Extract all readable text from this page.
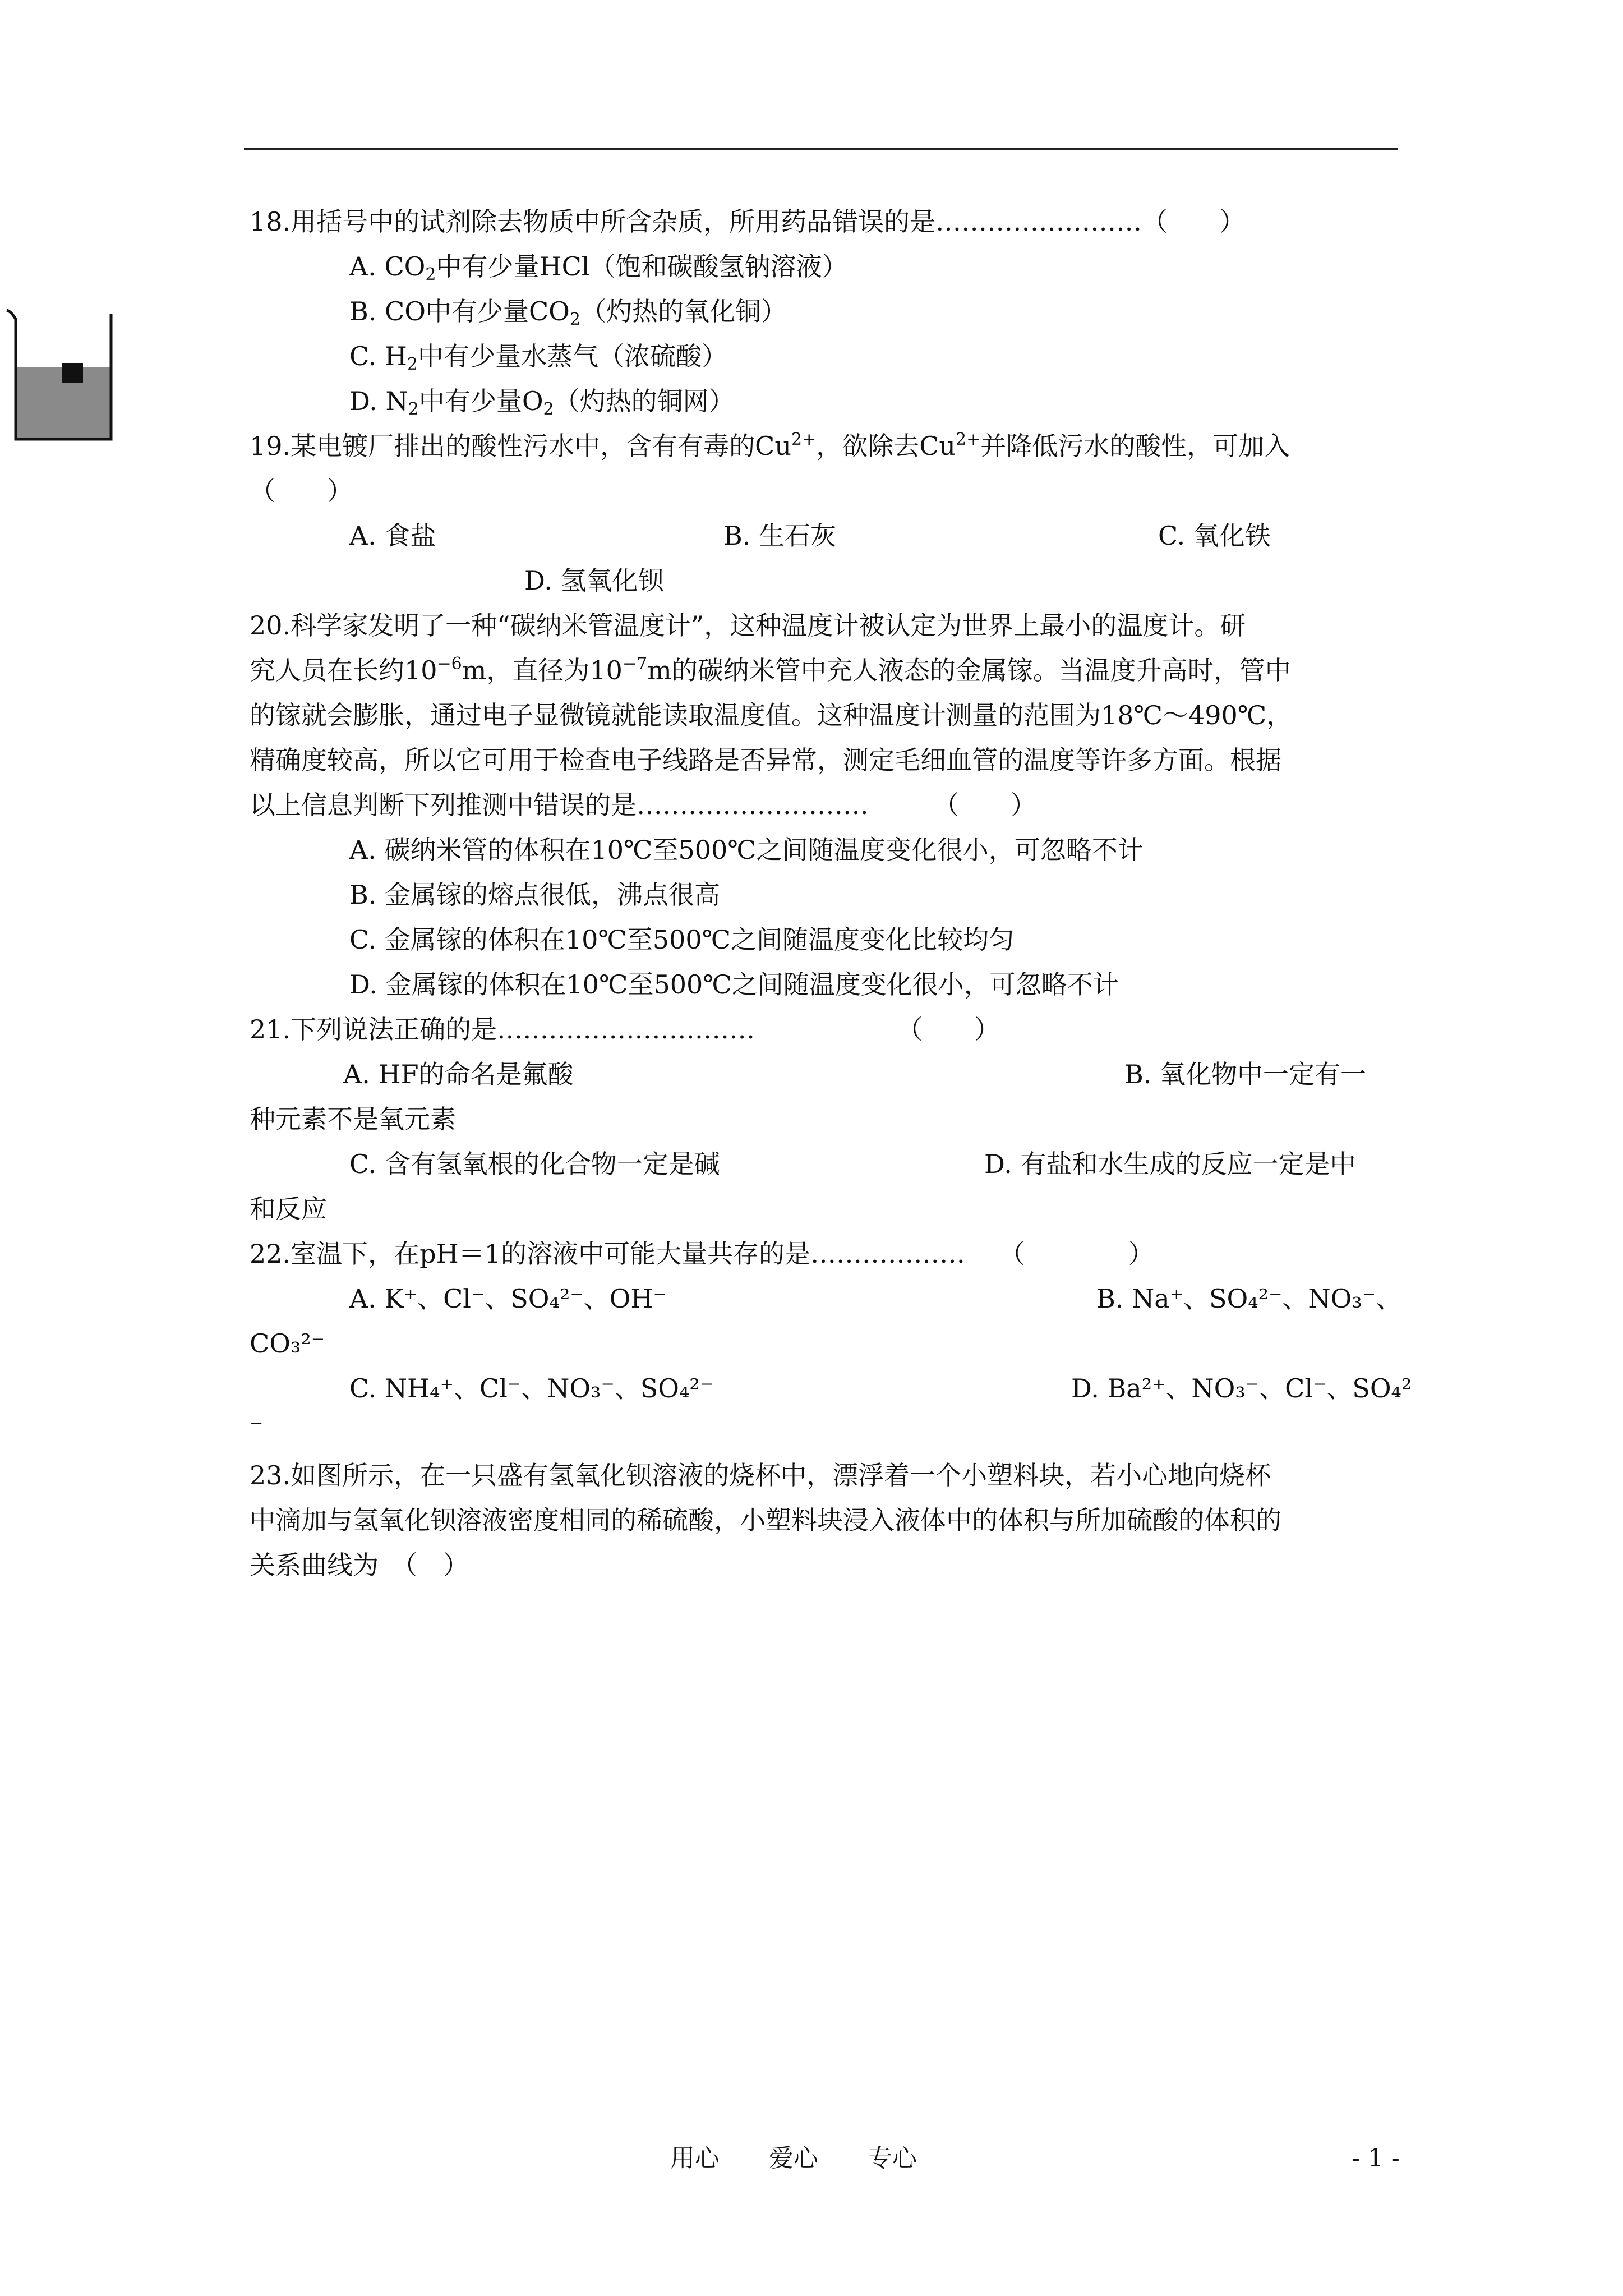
18.用括号中的试剂除去物质中所含杂质，所用药品错误的是……………………（　　）
A. $CO_2$中有少量HCl（饱和碳酸氢钠溶液）
B. CO中有少量$CO_2$（灼热的氧化铜）
C. $H_2$中有少量水蒸气（浓硫酸）
D. $N_2$中有少量$O_2$（灼热的铜网）
19.某电镀厂排出的酸性污水中，含有有毒的$Cu^{2+}$，欲除去$Cu^{2+}$并降低污水的酸性，可加入
（　　）
A. 食盐	B. 生石灰	C. 氧化铁
D. 氢氧化钡
20.科学家发明了一种“碳纳米管温度计”，这种温度计被认定为世界上最小的温度计。研
究人员在长约$10^{-6}m$，直径为$10^{-7}m$的碳纳米管中充人液态的金属镓。当温度升高时，管中
的镓就会膨胀，通过电子显微镜就能读取温度值。这种温度计测量的范围为18℃～490℃，
精确度较高，所以它可用于检查电子线路是否异常，测定毛细血管的温度等许多方面。根据
以上信息判断下列推测中错误的是………………………　　　（　　）
A. 碳纳米管的体积在10℃至500℃之间随温度变化很小，可忽略不计
B. 金属镓的熔点很低，沸点很高
C. 金属镓的体积在10℃至500℃之间随温度变化比较均匀
D. 金属镓的体积在10℃至500℃之间随温度变化很小，可忽略不计
21.下列说法正确的是…………………………　　　　　　（　　）
A. HF的命名是氟酸	B. 氧化物中一定有一
种元素不是氧元素
C. 含有氢氧根的化合物一定是碱	D. 有盐和水生成的反应一定是中
和反应
22.室温下，在pH＝1的溶液中可能大量共存的是………………　 （　　　　）
A. K⁺、Cl⁻、SO₄²⁻、OH⁻	B. Na⁺、SO₄²⁻、NO₃⁻、
CO₃²⁻
C. NH₄⁺、Cl⁻、NO₃⁻、SO₄²⁻	D. Ba²⁺、NO₃⁻、Cl⁻、SO₄²
⁻
23.如图所示，在一只盛有氢氧化钡溶液的烧杯中，漂浮着一个小塑料块，若小心地向烧杯
中滴加与氢氧化钡溶液密度相同的稀硫酸，小塑料块浸入液体中的体积与所加硫酸的体积的
关系曲线为　（　）
用心　　爱心　　专心	- 1 -
